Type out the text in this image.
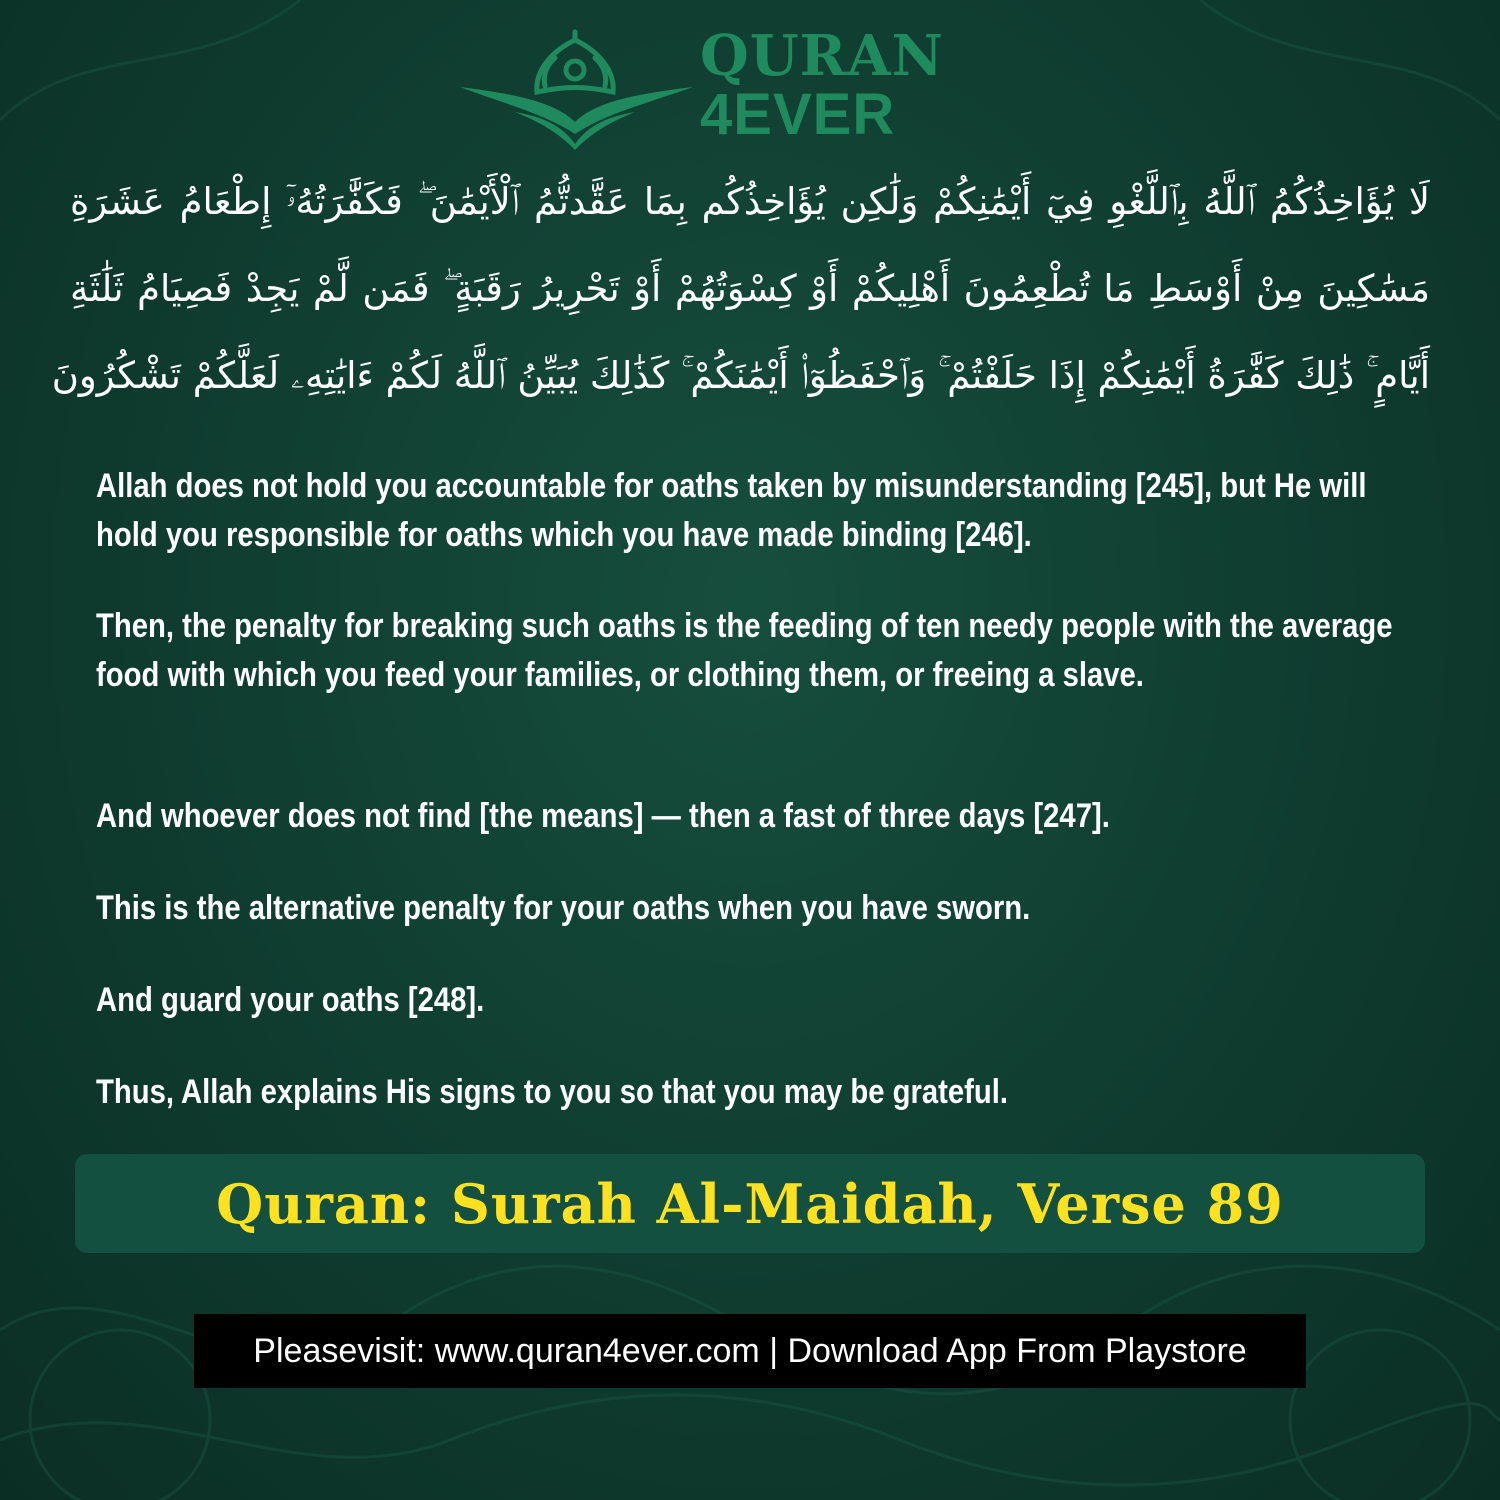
QURAN
4EVER
لَا يُؤَاخِذُكُمُ ٱللَّهُ بِٱللَّغْوِ فِيٓ أَيْمَٰنِكُمْ وَلَٰكِن يُؤَاخِذُكُم بِمَا عَقَّدتُّمُ ٱلْأَيْمَٰنَ ۖ فَكَفَّٰرَتُهُۥٓ إِطْعَامُ عَشَرَةِ
مَسَٰكِينَ مِنْ أَوْسَطِ مَا تُطْعِمُونَ أَهْلِيكُمْ أَوْ كِسْوَتُهُمْ أَوْ تَحْرِيرُ رَقَبَةٍ ۖ فَمَن لَّمْ يَجِدْ فَصِيَامُ ثَلَٰثَةِ
أَيَّامٍ ۚ ذَٰلِكَ كَفَّٰرَةُ أَيْمَٰنِكُمْ إِذَا حَلَفْتُمْ ۚ وَٱحْفَظُوٓا۟ أَيْمَٰنَكُمْ ۚ كَذَٰلِكَ يُبَيِّنُ ٱللَّهُ لَكُمْ ءَايَٰتِهِۦ لَعَلَّكُمْ تَشْكُرُونَ

Allah does not hold you accountable for oaths taken by misunderstanding [245], but He will hold you responsible for oaths which you have made binding [246].

Then, the penalty for breaking such oaths is the feeding of ten needy people with the average food with which you feed your families, or clothing them, or freeing a slave.

And whoever does not find [the means] — then a fast of three days [247].

This is the alternative penalty for your oaths when you have sworn.

And guard your oaths [248].

Thus, Allah explains His signs to you so that you may be grateful.

Quran: Surah Al-Maidah, Verse 89
Pleasevisit: www.quran4ever.com | Download App From Playstore
